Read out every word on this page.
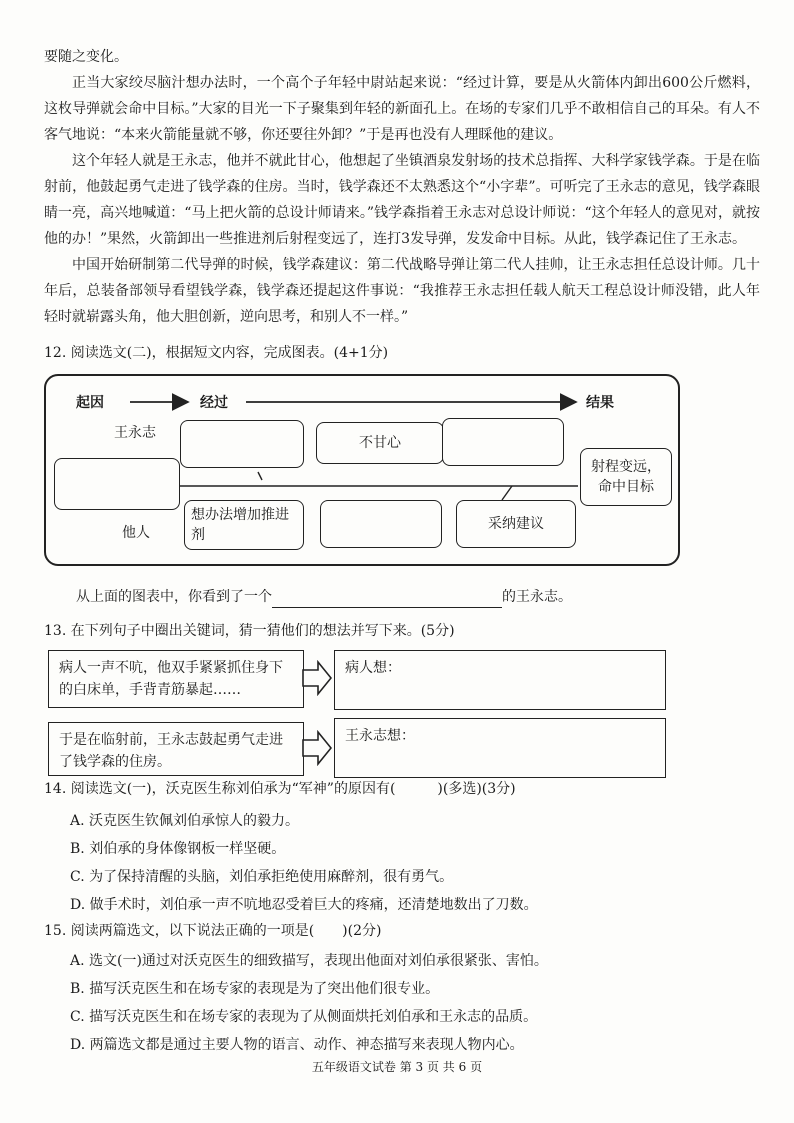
要随之变化。

正当大家绞尽脑汁想办法时，一个高个子年轻中尉站起来说：“经过计算，要是从火箭体内卸出600公斤燃料，这枚导弹就会命中目标。”大家的目光一下子聚集到年轻的新面孔上。在场的专家们几乎不敢相信自己的耳朵。有人不客气地说：“本来火箭能量就不够，你还要往外卸？”于是再也没有人理睬他的建议。

这个年轻人就是王永志，他并不就此甘心，他想起了坐镇酒泉发射场的技术总指挥、大科学家钱学森。于是在临射前，他鼓起勇气走进了钱学森的住房。当时，钱学森还不太熟悉这个“小字辈”。可听完了王永志的意见，钱学森眼睛一亮，高兴地喊道：“马上把火箭的总设计师请来。”钱学森指着王永志对总设计师说：“这个年轻人的意见对，就按他的办！”果然，火箭卸出一些推进剂后射程变远了，连打3发导弹，发发命中目标。从此，钱学森记住了王永志。

中国开始研制第二代导弹的时候，钱学森建议：第二代战略导弹让第二代人挂帅，让王永志担任总设计师。几十年后，总装备部领导看望钱学森，钱学森还提起这件事说：“我推荐王永志担任载人航天工程总设计师没错，此人年轻时就崭露头角，他大胆创新，逆向思考，和别人不一样。”

12. 阅读选文(二)，根据短文内容，完成图表。(4+1分)

起因	经过	结果
王永志
他人
不甘心
射程变远，命中目标
想办法增加推进剂
采纳建议

从上面的图表中，你看到了一个	的王永志。

13. 在下列句子中圈出关键词，猜一猜他们的想法并写下来。(5分)

病人一声不吭，他双手紧紧抓住身下的白床单，手背青筋暴起……
病人想：
于是在临射前，王永志鼓起勇气走进了钱学森的住房。
王永志想：

14. 阅读选文(一)，沃克医生称刘伯承为“军神”的原因有(　　　)(多选)(3分)

A. 沃克医生钦佩刘伯承惊人的毅力。

B. 刘伯承的身体像钢板一样坚硬。

C. 为了保持清醒的头脑，刘伯承拒绝使用麻醉剂，很有勇气。

D. 做手术时，刘伯承一声不吭地忍受着巨大的疼痛，还清楚地数出了刀数。

15. 阅读两篇选文，以下说法正确的一项是(　　)(2分)

A. 选文(一)通过对沃克医生的细致描写，表现出他面对刘伯承很紧张、害怕。

B. 描写沃克医生和在场专家的表现是为了突出他们很专业。

C. 描写沃克医生和在场专家的表现为了从侧面烘托刘伯承和王永志的品质。

D. 两篇选文都是通过主要人物的语言、动作、神态描写来表现人物内心。

五年级语文试卷 第 3 页 共 6 页
